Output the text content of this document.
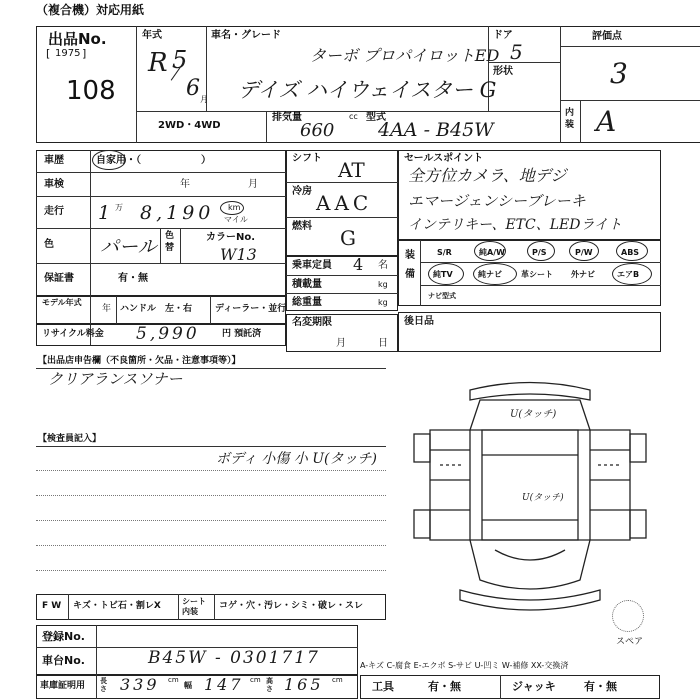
（複合機）対応用紙
出品No.
[ 1975 ]
108
年式
R 5
6 月
車名・グレード
ターボ プロパイロットED
デイズ ハイウェイスター G
ドア
5
形状
評価点
3
内装 A
2WD・4WD
排気量
660
cc 型式
4AA - B45W
車歴	自家用・（　　　　　　）
車検	年	月
走行 1 万 8,190 km
マイル
色 パール 色替
カラーNo.
W13
保証書	有・無
モデル年式
年 ハンドル　左・右	ディーラー・並行
リサイクル料金 5,990 円 預託済
シフト AT
冷房 AAC
燃料 G
乗車定員 4 名
積載量	kg
総重量	kg
名変期限
月	日
セールスポイント
全方位カメラ、地デジ
エマージェンシーブレーキ
インテリキー、ETC、LEDライト
装備
S/R	純A/W	P/S	P/W	ABS
純TV	純ナビ 革シート 外ナビ	エアB
ナビ型式
後日品
【出品店申告欄（不良箇所・欠品・注意事項等）】
クリアランスソナー
【検査員記入】
ボディ 小傷 小 U(タッチ)
U(タッチ)
U(タッチ)
スペア
F W キズ・トビ石・割レX	シート内装
コゲ・穴・汚レ・シミ・破レ・スレ
登録No.
車台No.	B45W - 0301717
車庫証明用 長さ 339 cm
幅 147 cm 高さ 165 cm
A-キズ C-腐食 E-エクボ S-サビ U-凹ミ W-補修 XX-交換済
工具	有・無	ジャッキ	有・無
